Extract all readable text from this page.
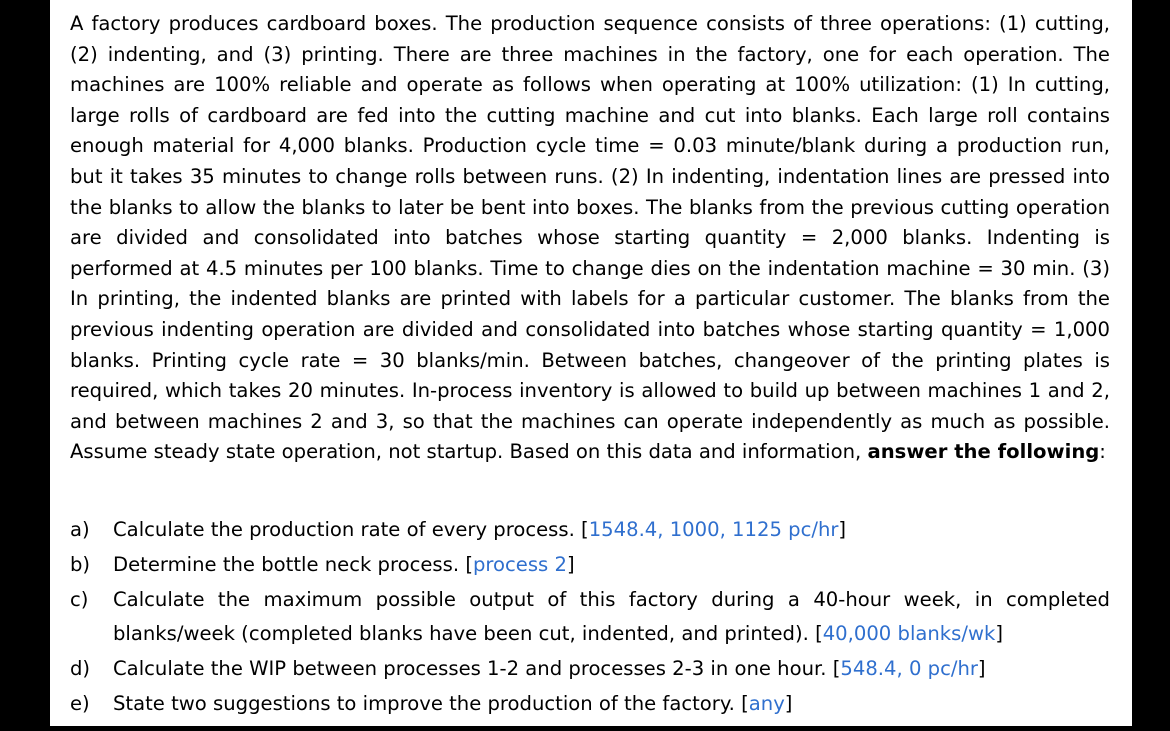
A factory produces cardboard boxes. The production sequence consists of three operations: (1) cutting, (2) indenting, and (3) printing. There are three machines in the factory, one for each operation. The machines are 100% reliable and operate as follows when operating at 100% utilization: (1) In cutting, large rolls of cardboard are fed into the cutting machine and cut into blanks. Each large roll contains enough material for 4,000 blanks. Production cycle time = 0.03 minute/blank during a production run, but it takes 35 minutes to change rolls between runs. (2) In indenting, indentation lines are pressed into the blanks to allow the blanks to later be bent into boxes. The blanks from the previous cutting operation are divided and consolidated into batches whose starting quantity = 2,000 blanks. Indenting is performed at 4.5 minutes per 100 blanks. Time to change dies on the indentation machine = 30 min. (3) In printing, the indented blanks are printed with labels for a particular customer. The blanks from the previous indenting operation are divided and consolidated into batches whose starting quantity = 1,000 blanks. Printing cycle rate = 30 blanks/min. Between batches, changeover of the printing plates is required, which takes 20 minutes. In-process inventory is allowed to build up between machines 1 and 2, and between machines 2 and 3, so that the machines can operate independently as much as possible. Assume steady state operation, not startup. Based on this data and information, answer the following:

a)	Calculate the production rate of every process. [1548.4, 1000, 1125 pc/hr]
b)	Determine the bottle neck process. [process 2]
c)	Calculate the maximum possible output of this factory during a 40-hour week, in completed blanks/week (completed blanks have been cut, indented, and printed). [40,000 blanks/wk]
d)	Calculate the WIP between processes 1-2 and processes 2-3 in one hour. [548.4, 0 pc/hr]
e)	State two suggestions to improve the production of the factory. [any]
